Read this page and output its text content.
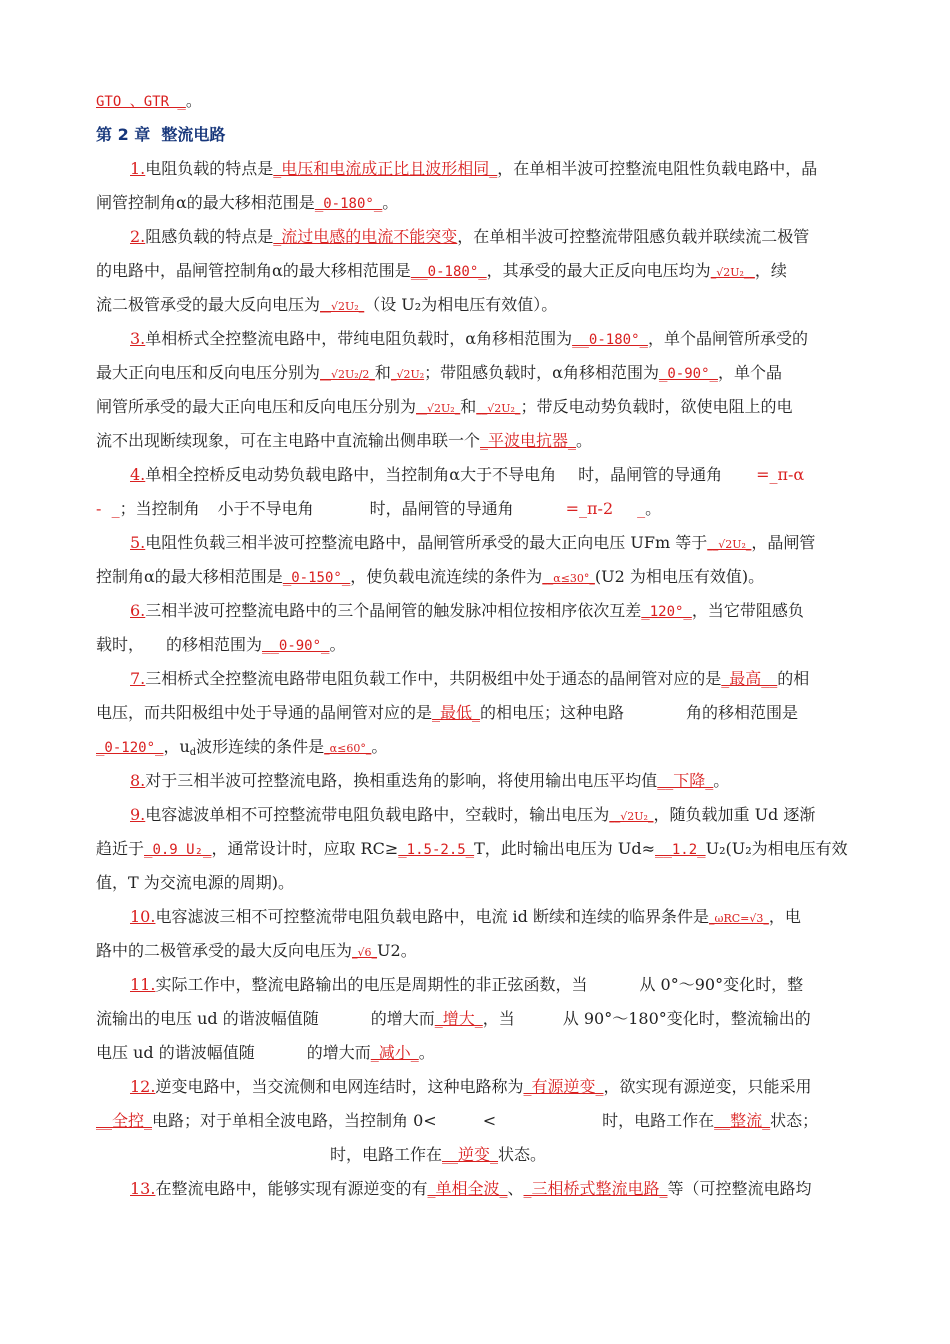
GTO 、GTR _。
第 2 章  整流电路
1.电阻负载的特点是_电压和电流成正比且波形相同_，在单相半波可控整流电阻性负载电路中，晶
闸管控制角α的最大移相范围是_0-180°_。
2.阻感负载的特点是_流过电感的电流不能突变，在单相半波可控整流带阻感负载并联续流二极管
的电路中，晶闸管控制角α的最大移相范围是__0-180°_，其承受的最大正反向电压均为_√2U₂__，续
流二极管承受的最大反向电压为__√2U₂_（设 U₂为相电压有效值）。
3.单相桥式全控整流电路中，带纯电阻负载时，α角移相范围为__0-180°_，单个晶闸管所承受的
最大正向电压和反向电压分别为__√2U₂/2_和_√2U₂；带阻感负载时，α角移相范围为_0-90°_，单个晶
闸管所承受的最大正向电压和反向电压分别为__√2U₂_和__√2U₂_；带反电动势负载时，欲使电阻上的电
流不出现断续现象，可在主电路中直流输出侧串联一个_平波电抗器_。
4.单相全控桥反电动势负载电路中，当控制角α大于不导电角 时，晶闸管的导通角 =_π-α
-  _；当控制角 小于不导电角	时，晶闸管的导通角	=_π-2 _。
5.电阻性负载三相半波可控整流电路中，晶闸管所承受的最大正向电压 UFm 等于__√2U₂_，晶闸管
控制角α的最大移相范围是_0-150°_，使负载电流连续的条件为__α≤30°_(U2 为相电压有效值)。
6.三相半波可控整流电路中的三个晶闸管的触发脉冲相位按相序依次互差_120°_，当它带阻感负
载时， 的移相范围为__0-90°_。
7.三相桥式全控整流电路带电阻负载工作中，共阴极组中处于通态的晶闸管对应的是_最高__的相
电压，而共阳极组中处于导通的晶闸管对应的是_最低_的相电压；这种电路	角的移相范围是
_0-120°_，$u_d$波形连续的条件是_α≤60°_。
8.对于三相半波可控整流电路，换相重迭角的影响，将使用输出电压平均值__下降_。
9.电容滤波单相不可控整流带电阻负载电路中，空载时，输出电压为__√2U₂_，随负载加重 Ud 逐渐
趋近于_0.9 U₂_，通常设计时，应取 RC≥_1.5-2.5_T，此时输出电压为 Ud≈__1.2_U₂(U₂为相电压有效
值，T 为交流电源的周期)。
10.电容滤波三相不可控整流带电阻负载电路中，电流 id 断续和连续的临界条件是_ωRC=√3_，电
路中的二极管承受的最大反向电压为_√6_U2。
11.实际工作中，整流电路输出的电压是周期性的非正弦函数，当	从 0°～90°变化时，整
流输出的电压 ud 的谐波幅值随	的增大而_增大_，当	从 90°～180°变化时，整流输出的
电压 ud 的谐波幅值随	的增大而_减小_。
12.逆变电路中，当交流侧和电网连结时，这种电路称为_有源逆变_，欲实现有源逆变，只能采用
__全控_电路；对于单相全波电路，当控制角 0<	<	时，电路工作在__整流_状态；
时，电路工作在__逆变_状态。
13.在整流电路中，能够实现有源逆变的有_单相全波_、_三相桥式整流电路_等（可控整流电路均
